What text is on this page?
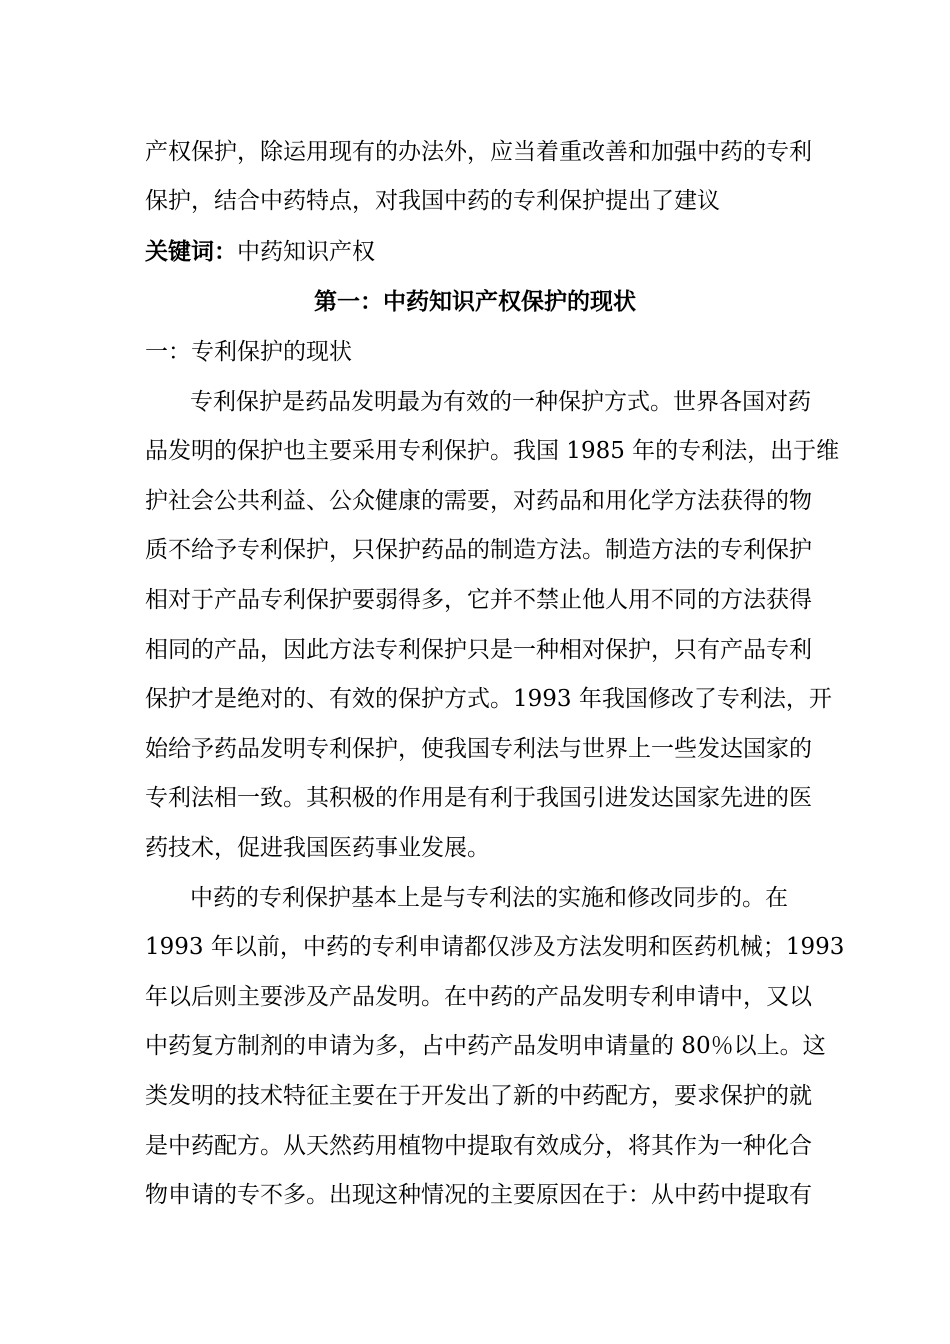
产权保护，除运用现有的办法外，应当着重改善和加强中药的专利
保护，结合中药特点，对我国中药的专利保护提出了建议
关键词：中药知识产权
第一：中药知识产权保护的现状
一：专利保护的现状
专利保护是药品发明最为有效的一种保护方式。世界各国对药
品发明的保护也主要采用专利保护。我国 1985 年的专利法，出于维
护社会公共利益、公众健康的需要，对药品和用化学方法获得的物
质不给予专利保护，只保护药品的制造方法。制造方法的专利保护
相对于产品专利保护要弱得多，它并不禁止他人用不同的方法获得
相同的产品，因此方法专利保护只是一种相对保护，只有产品专利
保护才是绝对的、有效的保护方式。1993 年我国修改了专利法，开
始给予药品发明专利保护，使我国专利法与世界上一些发达国家的
专利法相一致。其积极的作用是有利于我国引进发达国家先进的医
药技术，促进我国医药事业发展。
中药的专利保护基本上是与专利法的实施和修改同步的。在
1993 年以前，中药的专利申请都仅涉及方法发明和医药机械；1993
年以后则主要涉及产品发明。在中药的产品发明专利申请中，又以
中药复方制剂的申请为多，占中药产品发明申请量的 80％以上。这
类发明的技术特征主要在于开发出了新的中药配方，要求保护的就
是中药配方。从天然药用植物中提取有效成分，将其作为一种化合
物申请的专不多。出现这种情况的主要原因在于：从中药中提取有
